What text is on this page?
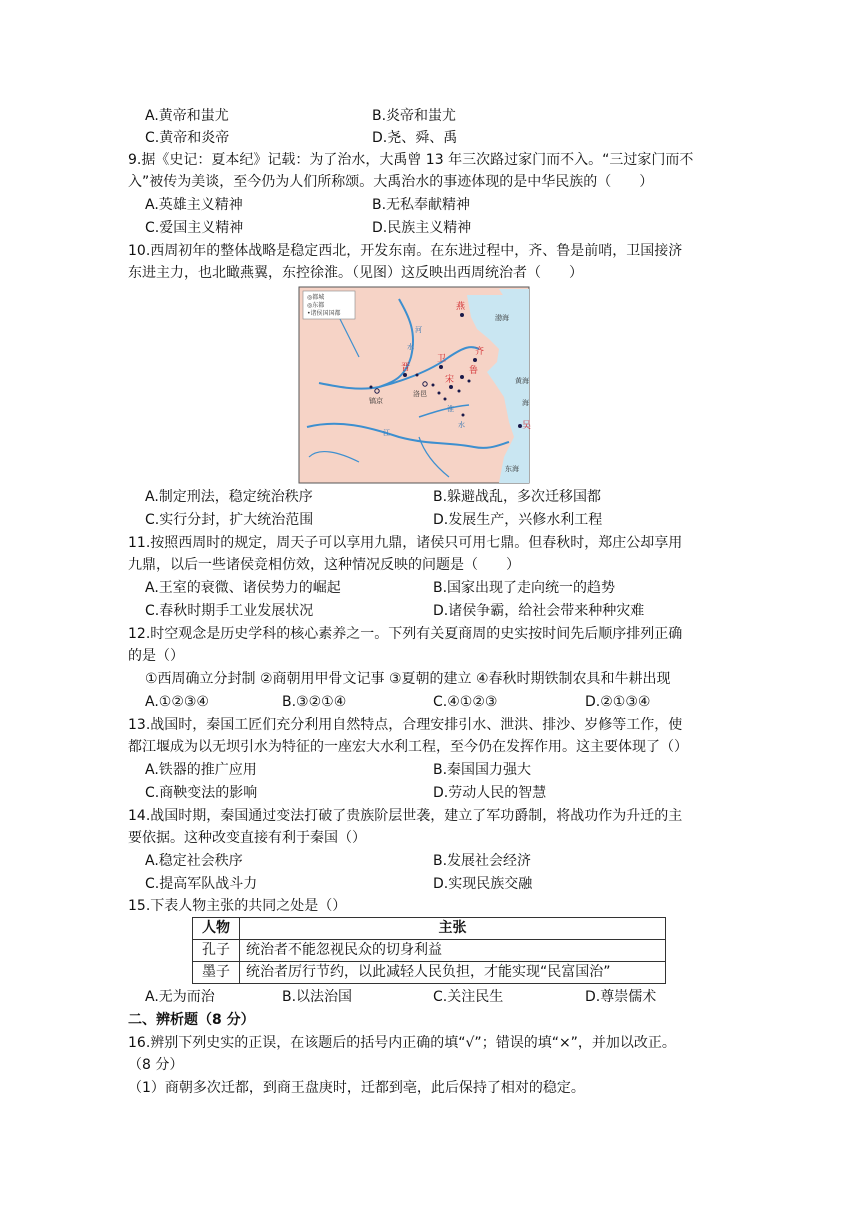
A.黄帝和蚩尤	B.炎帝和蚩尤
C.黄帝和炎帝	D.尧、舜、禹
9.据《史记：夏本纪》记载：为了治水，大禹曾 13 年三次路过家门而不入。“三过家门而不
入”被传为美谈，至今仍为人们所称颂。大禹治水的事迹体现的是中华民族的（　　）
A.英雄主义精神	B.无私奉献精神
C.爱国主义精神	D.民族主义精神
10.西周初年的整体战略是稳定西北，开发东南。在东进过程中，齐、鲁是前哨，卫国接济
东进主力，也北瞰燕翼，东控徐淮。（见图）这反映出西周统治者（　　）
◎都城
◎东都
•诸侯国国都
燕
渤海
河
水
晋
卫
齐
鲁
宋
镐京
洛邑
黄海
淮
水
江
海
吴
东海
A.制定刑法，稳定统治秩序	B.躲避战乱，多次迁移国都
C.实行分封，扩大统治范围	D.发展生产，兴修水利工程
11.按照西周时的规定，周天子可以享用九鼎，诸侯只可用七鼎。但春秋时，郑庄公却享用
九鼎，以后一些诸侯竞相仿效，这种情况反映的问题是（　　）
A.王室的衰微、诸侯势力的崛起	B.国家出现了走向统一的趋势
C.春秋时期手工业发展状况	D.诸侯争霸，给社会带来种种灾难
12.时空观念是历史学科的核心素养之一。下列有关夏商周的史实按时间先后顺序排列正确
的是（）
①西周确立分封制 ②商朝用甲骨文记事 ③夏朝的建立 ④春秋时期铁制农具和牛耕出现
A.①②③④	B.③②①④	C.④①②③	D.②①③④
13.战国时，秦国工匠们充分利用自然特点，合理安排引水、泄洪、排沙、岁修等工作，使
都江堰成为以无坝引水为特征的一座宏大水利工程，至今仍在发挥作用。这主要体现了（）
A.铁器的推广应用	B.秦国国力强大
C.商鞅变法的影响	D.劳动人民的智慧
14.战国时期，秦国通过变法打破了贵族阶层世袭，建立了军功爵制，将战功作为升迁的主
要依据。这种改变直接有利于秦国（）
A.稳定社会秩序	B.发展社会经济
C.提高军队战斗力	D.实现民族交融
15.下表人物主张的共同之处是（）
人物	主张
孔子	统治者不能忽视民众的切身利益
墨子	统治者厉行节约，以此减轻人民负担，才能实现“民富国治”
A.无为而治	B.以法治国	C.关注民生	D.尊崇儒术
二、辨析题（8 分）
16.辨别下列史实的正误，在该题后的括号内正确的填“√”；错误的填“×”，并加以改正。
（8 分）
（1）商朝多次迁都，到商王盘庚时，迁都到亳，此后保持了相对的稳定。
